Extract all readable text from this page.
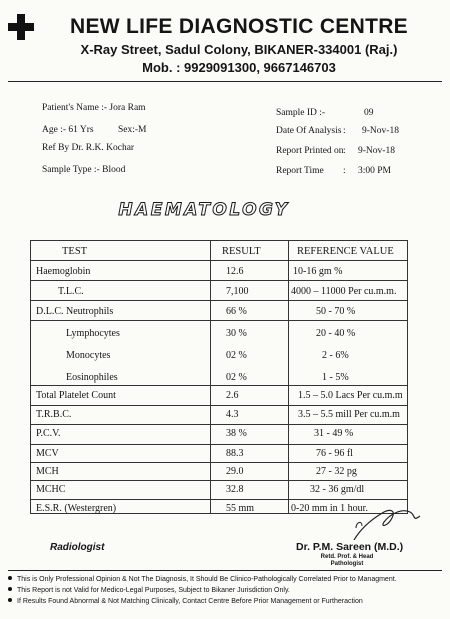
NEW LIFE DIAGNOSTIC CENTRE
X-Ray Street, Sadul Colony, BIKANER-334001 (Raj.)
Mob. : 9929091300, 9667146703
Patient's Name :- Jora Ram
Age :- 61 Yrs	Sex:-M
Ref By Dr. R.K. Kochar
Sample Type :- Blood
Sample ID :-	09
Date Of Analysis : 9-Nov-18
Report Printed on : 9-Nov-18
Report Time : 3:00 PM
HAEMATOLOGY
TEST	RESULT	REFERENCE VALUE
Haemoglobin	12.6	10-16 gm %
T.L.C.	7,100	4000 – 11000 Per cu.m.m.
D.L.C. Neutrophils	66 %	50 - 70 %
Lymphocytes	30 %	20 - 40 %
Monocytes	02 %	2 - 6%
Eosinophiles	02 %	1 - 5%
Total Platelet Count	2.6	1.5 – 5.0 Lacs Per cu.m.m
T.R.B.C.	4.3	3.5 – 5.5 mill Per cu.m.m
P.C.V.	38 %	31 - 49 %
MCV	88.3	76 - 96 fl
MCH	29.0	27 - 32 pg
MCHC	32.8	32 - 36 gm/dl
E.S.R. (Westergren)	55 mm	0-20 mm in 1 hour.
Radiologist	Dr. P.M. Sareen (M.D.)
Retd. Prof. & Head
Pathologist
This is Only Professional Opinion & Not The Diagnosis, It Should Be Clinico-Pathologically Correlated Prior to Managment.
This Report is not Valid for Medico-Legal Purposes, Subject to Bikaner Jurisdiction Only.
If Results Found Abnormal & Not Matching Clinically, Contact Centre Before Prior Management or Furtheraction
